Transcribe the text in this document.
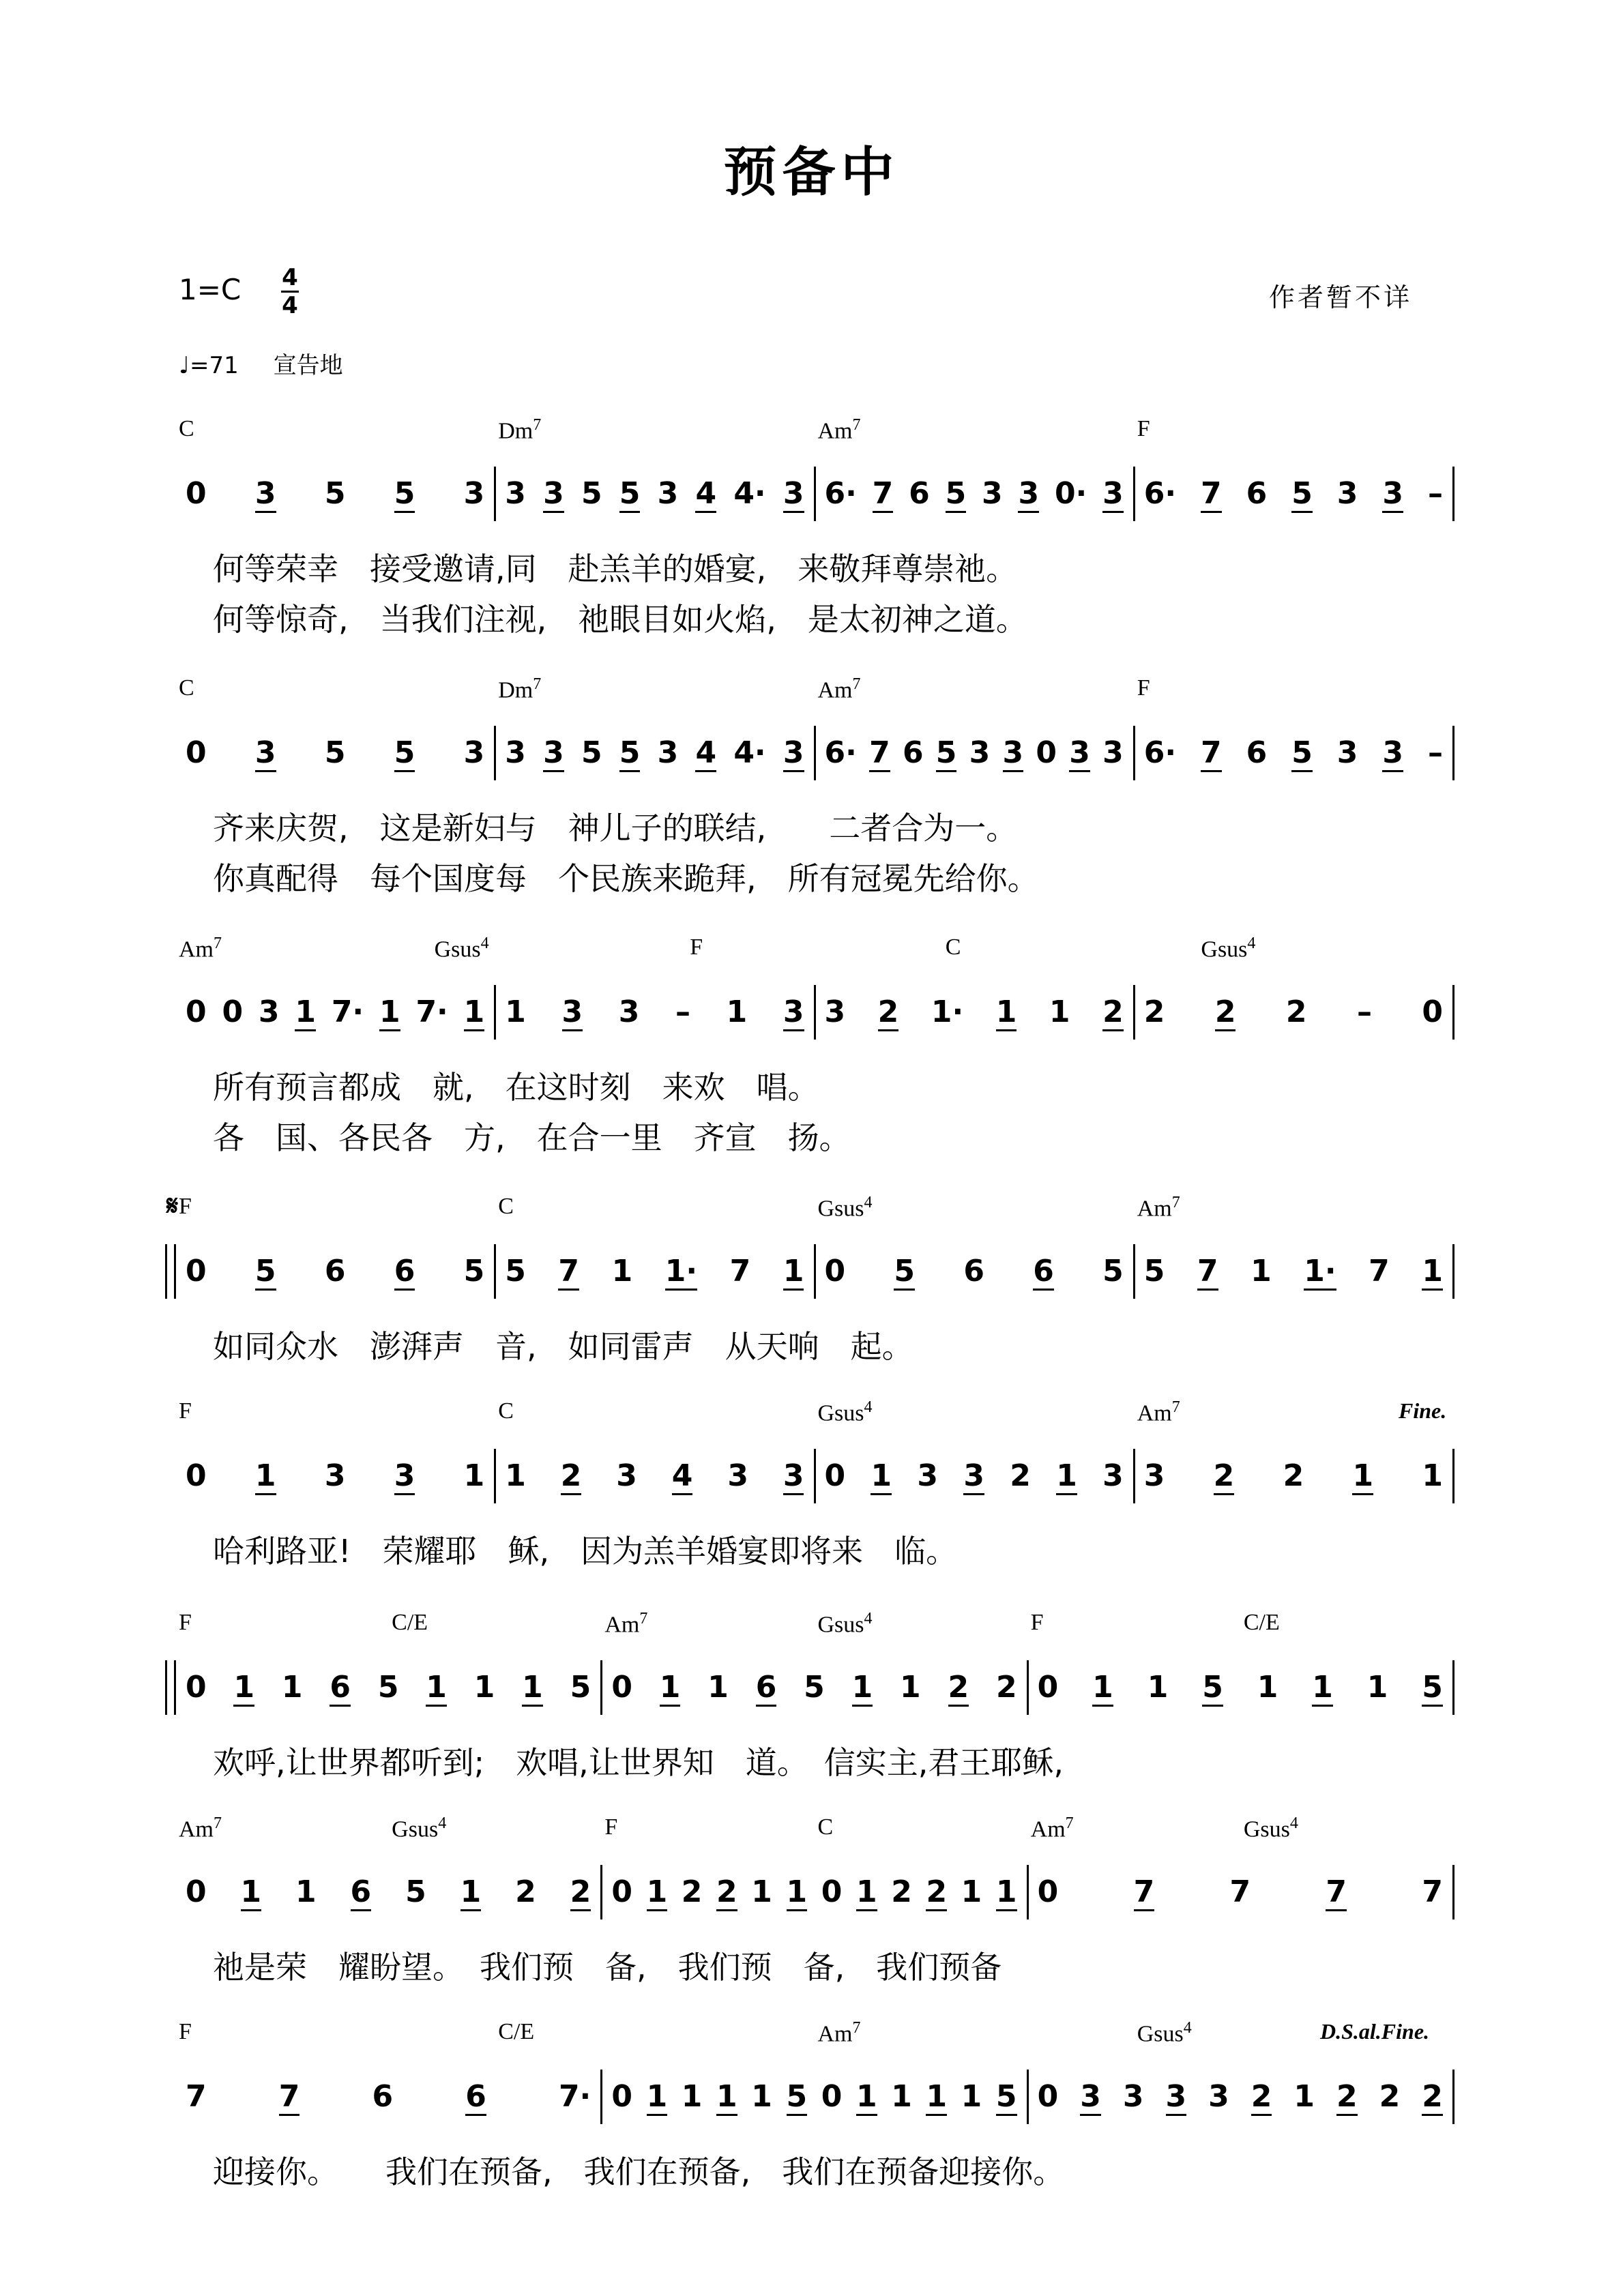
预备中
1=C 4
4	作者暂不详
♩=71 宣告地
C	Dm$^7$	Am$^7$	F
0 3 5 5 3 3 3 5 5 3 4 4· 3 6· 7 6 5 3 3 0· 3 6· 7 6 5 3 3 –
何等荣幸　接受邀请,同　赴羔羊的婚宴,　来敬拜尊崇祂。
何等惊奇,　当我们注视,　祂眼目如火焰,　是太初神之道。
C	Dm$^7$	Am$^7$	F
0 3 5 5 3 3 3 5 5 3 4 4· 3 6· 7 6 5 3 3 0 3 3 6· 7 6 5 3 3 –
齐来庆贺,　这是新妇与　神儿子的联结,　　二者合为一。
你真配得　每个国度每　个民族来跪拜,　所有冠冕先给你。
Am$^7$	Gsus$^4$	F	C	Gsus$^4$
0 0 3 1 7· 1 7· 1 1 3 3 – 1 3 3 2 1· 1 1 2 2 2 2 – 0
所有预言都成　就,　在这时刻　来欢　唱。
各　国、各民各　方,　在合一里　齐宣　扬。
F	C	Gsus$^4$	Am$^7$
𝄋
0 5 6 6 5 5 7 1 1· 7 1 0 5 6 6 5 5 7 1 1· 7 1
如同众水　澎湃声　音,　如同雷声　从天响　起。
F	C	Gsus$^4$	Am$^7$	Fine.
0 1 3 3 1 1 2 3 4 3 3 0 1 3 3 2 1 3 3 2 2 1 1
哈利路亚!　荣耀耶　稣,　因为羔羊婚宴即将来　临。
F	C/E	Am$^7$	Gsus$^4$	F	C/E
0 1 1 6 5 1 1 1 5 0 1 1 6 5 1 1 2 2 0 1 1 5 1 1 1 5
欢呼,让世界都听到;　欢唱,让世界知　道。　信实主,君王耶稣,
Am$^7$	Gsus$^4$	F	C	Am$^7$	Gsus$^4$
0 1 1 6 5 1 2 2 0 1 2 2 1 1 0 1 2 2 1 1 0	7	7	7	7
祂是荣　耀盼望。　我们预　备,　我们预　备,　我们预备
F	C/E	Am$^7$	Gsus$^4$	D.S.al.Fine.
7 7 6 6 7· 0 1 1 1 1 5 0 1 1 1 1 5 0 3 3 3 3 2 1 2 2 2
迎接你。　　我们在预备,　我们在预备,　我们在预备迎接你。
